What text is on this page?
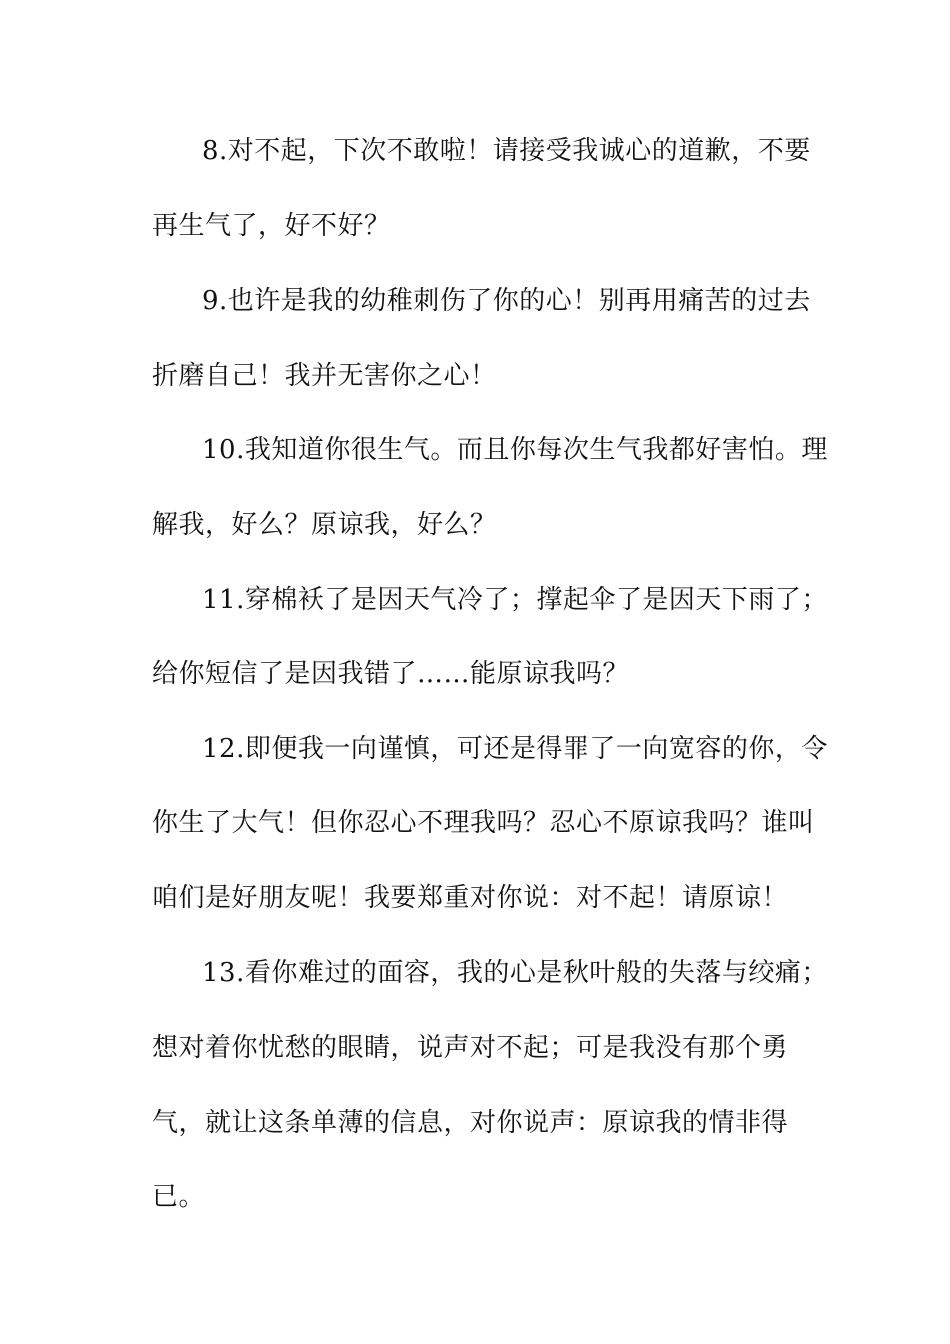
8.对不起，下次不敢啦！请接受我诚心的道歉，不要
再生气了，好不好？
9.也许是我的幼稚刺伤了你的心！别再用痛苦的过去
折磨自己！我并无害你之心！
10.我知道你很生气。而且你每次生气我都好害怕。理
解我，好么？原谅我，好么？
11.穿棉袄了是因天气冷了；撑起伞了是因天下雨了；
给你短信了是因我错了……能原谅我吗？
12.即便我一向谨慎，可还是得罪了一向宽容的你，令
你生了大气！但你忍心不理我吗？忍心不原谅我吗？谁叫
咱们是好朋友呢！我要郑重对你说：对不起！请原谅！
13.看你难过的面容，我的心是秋叶般的失落与绞痛；
想对着你忧愁的眼睛，说声对不起；可是我没有那个勇
气，就让这条单薄的信息，对你说声：原谅我的情非得
已。
